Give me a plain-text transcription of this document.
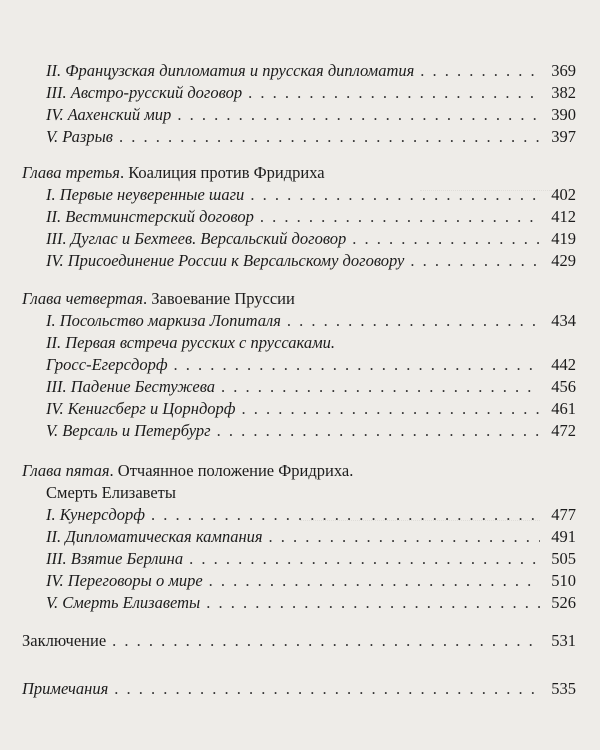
II. Французская дипломатия и прусская дипломатия . . .	369
III. Австро-русский договор . . .	382
IV. Аахенский мир . . .	390
V. Разрыв . . .	397
Глава третья. Коалиция против Фридриха
I. Первые неуверенные шаги . . .	402
II. Вестминстерский договор . . .	412
III. Дуглас и Бехтеев. Версальский договор . . .	419
IV. Присоединение России к Версальскому договору . . .	429
Глава четвертая. Завоевание Пруссии
I. Посольство маркиза Лопиталя . . .	434
II. Первая встреча русских с пруссаками.
Гросс-Егерсдорф . . .	442
III. Падение Бестужева . . .	456
IV. Кенигсберг и Цорндорф . . .	461
V. Версаль и Петербург . . .	472
Глава пятая. Отчаянное положение Фридриха.
Смерть Елизаветы
I. Кунерсдорф . . .	477
II. Дипломатическая кампания . . .	491
III. Взятие Берлина . . .	505
IV. Переговоры о мире . . .	510
V. Смерть Елизаветы . . .	526
Заключение . . .	531
Примечания . . .	535
